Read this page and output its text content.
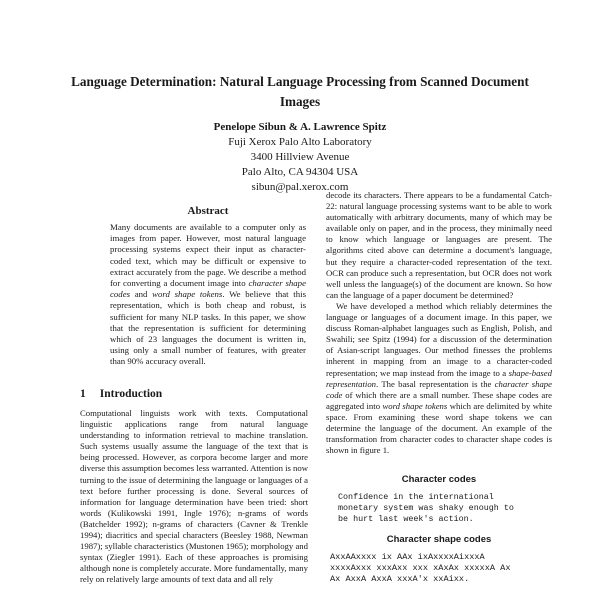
Language Determination: Natural Language Processing from Scanned Document Images
Penelope Sibun & A. Lawrence Spitz
Fuji Xerox Palo Alto Laboratory
3400 Hillview Avenue
Palo Alto, CA 94304 USA
sibun@pal.xerox.com
Abstract
Many documents are available to a computer only as images from paper. However, most natural language processing systems expect their input as character-coded text, which may be difficult or expensive to extract accurately from the page. We describe a method for converting a document image into character shape codes and word shape tokens. We believe that this representation, which is both cheap and robust, is sufficient for many NLP tasks. In this paper, we show that the representation is sufficient for determining which of 23 languages the document is written in, using only a small number of features, with greater than 90% accuracy overall.
1 Introduction
Computational linguists work with texts. Computational linguistic applications range from natural language understanding to information retrieval to machine translation. Such systems usually assume the language of the text that is being processed. However, as corpora become larger and more diverse this assumption becomes less warranted. Attention is now turning to the issue of determining the language or languages of a text before further processing is done. Several sources of information for language determination have been tried: short words (Kulikowski 1991, Ingle 1976); n-grams of words (Batchelder 1992); n-grams of characters (Cavner & Trenkle 1994); diacritics and special characters (Beesley 1988, Newman 1987); syllable characteristics (Mustonen 1965); morphology and syntax (Ziegler 1991). Each of these approaches is promising although none is completely accurate. More fundamentally, many rely on relatively large amounts of text data and all rely

decode its characters. There appears to be a fundamental Catch-22: natural language processing systems want to be able to work automatically with arbitrary documents, many of which may be available only on paper, and in the process, they minimally need to know which language or languages are present. The algorithms cited above can determine a document's language, but they require a character-coded representation of the text. OCR can produce such a representation, but OCR does not work well unless the language(s) of the document are known. So how can the language of a paper document be determined?

We have developed a method which reliably determines the language or languages of a document image. In this paper, we discuss Roman-alphabet languages such as English, Polish, and Swahili; see Spitz (1994) for a discussion of the determination of Asian-script languages. Our method finesses the problems inherent in mapping from an image to a character-coded representation; we map instead from the image to a shape-based representation. The basal representation is the character shape code of which there are a small number. These shape codes are aggregated into word shape tokens which are delimited by white space. From examining these word shape tokens we can determine the language of the document. An example of the transformation from character codes to character shape codes is shown in figure 1.

Character codes
Confidence in the international
monetary system was shaky enough to
be hurt last week's action.
Character shape codes
AxxAAxxxx ix AAx ixAxxxxAixxxA
xxxxAxxx xxxAxx xxx xAxAx xxxxxA Ax
Ax AxxA AxxA xxxA'x xxAixx.
